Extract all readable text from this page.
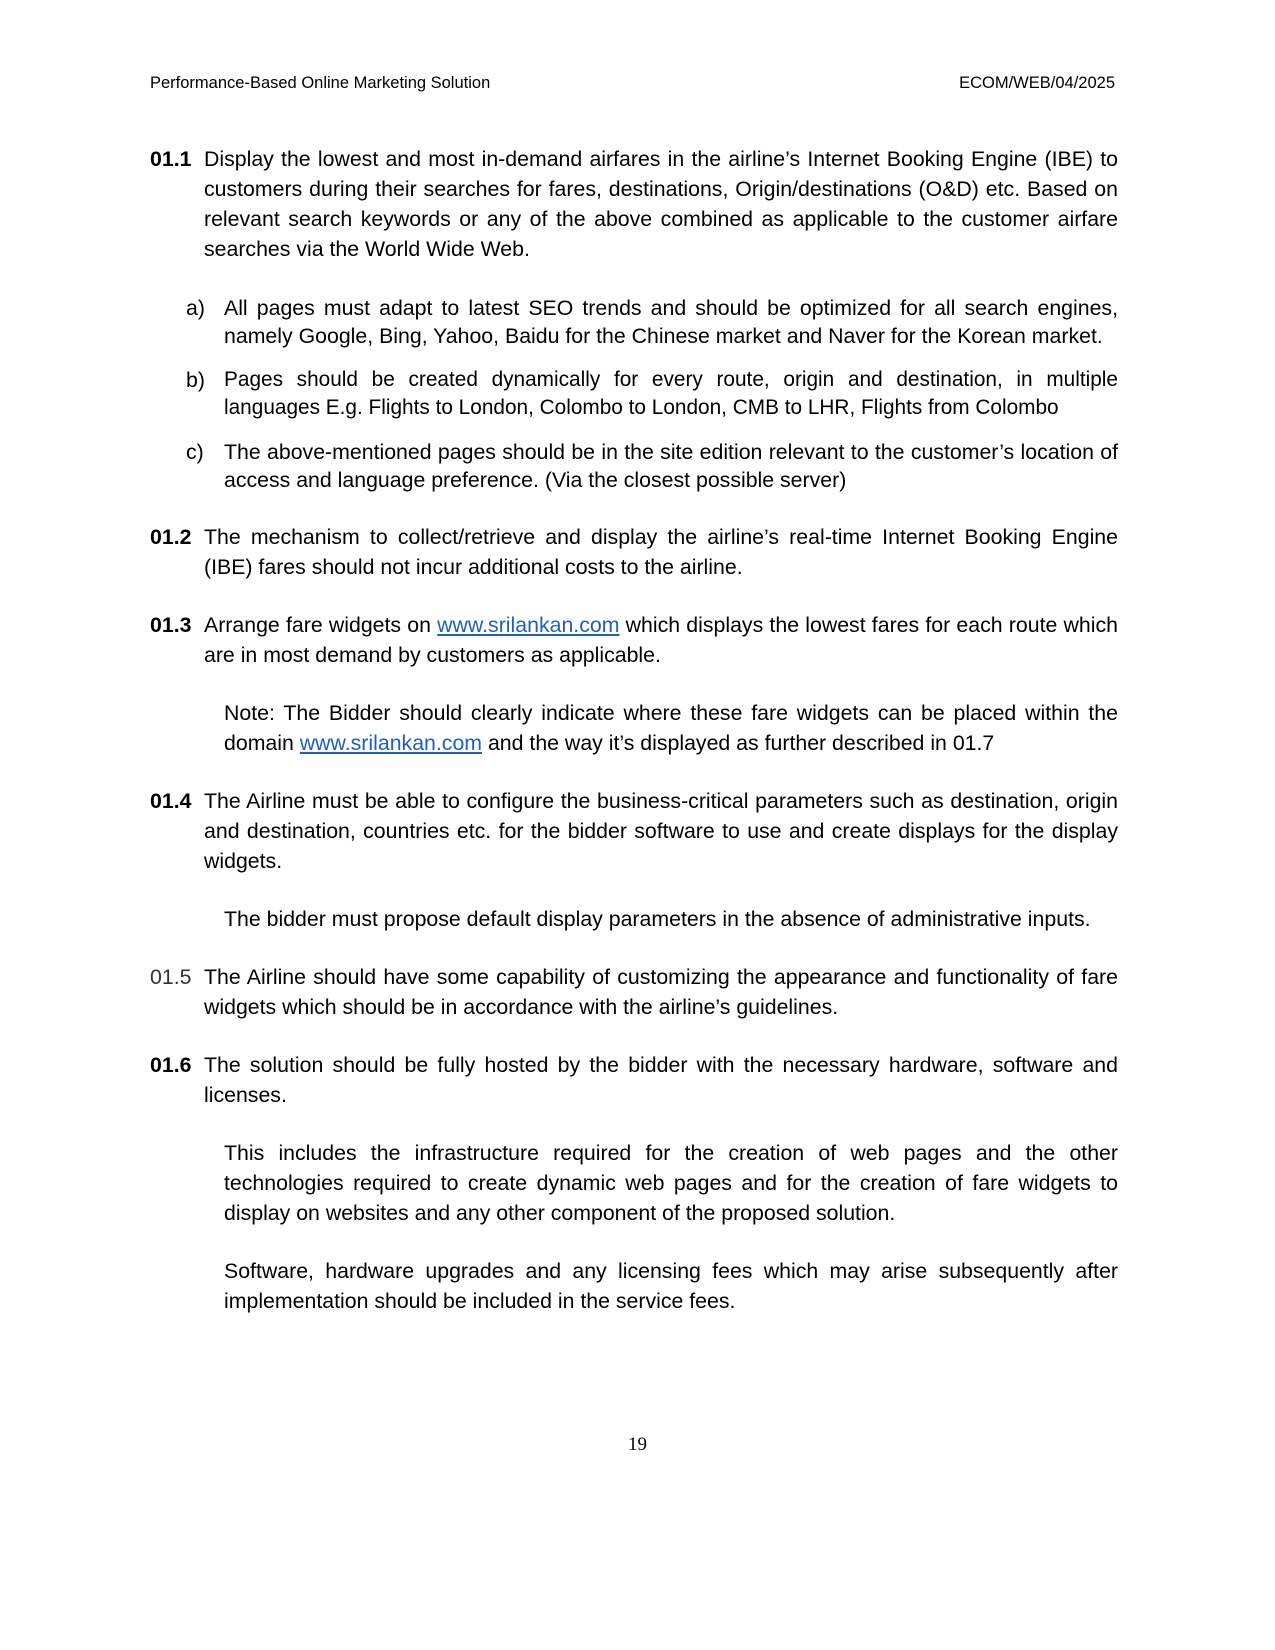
Performance-Based Online Marketing Solution	ECOM/WEB/04/2025
01.1 Display the lowest and most in-demand airfares in the airline’s Internet Booking Engine (IBE) to customers during their searches for fares, destinations, Origin/destinations (O&D) etc. Based on relevant search keywords or any of the above combined as applicable to the customer airfare searches via the World Wide Web.

a) All pages must adapt to latest SEO trends and should be optimized for all search engines, namely Google, Bing, Yahoo, Baidu for the Chinese market and Naver for the Korean market.

b) Pages should be created dynamically for every route, origin and destination, in multiple languages E.g. Flights to London, Colombo to London, CMB to LHR, Flights from Colombo

c) The above-mentioned pages should be in the site edition relevant to the customer’s location of access and language preference. (Via the closest possible server)

01.2 The mechanism to collect/retrieve and display the airline’s real-time Internet Booking Engine (IBE) fares should not incur additional costs to the airline.

01.3 Arrange fare widgets on www.srilankan.com which displays the lowest fares for each route which are in most demand by customers as applicable.

Note: The Bidder should clearly indicate where these fare widgets can be placed within the domain www.srilankan.com and the way it’s displayed as further described in 01.7

01.4 The Airline must be able to configure the business-critical parameters such as destination, origin and destination, countries etc. for the bidder software to use and create displays for the display widgets.

The bidder must propose default display parameters in the absence of administrative inputs.

01.5 The Airline should have some capability of customizing the appearance and functionality of fare widgets which should be in accordance with the airline’s guidelines.

01.6 The solution should be fully hosted by the bidder with the necessary hardware, software and licenses.

This includes the infrastructure required for the creation of web pages and the other technologies required to create dynamic web pages and for the creation of fare widgets to display on websites and any other component of the proposed solution.

Software, hardware upgrades and any licensing fees which may arise subsequently after implementation should be included in the service fees.

19
